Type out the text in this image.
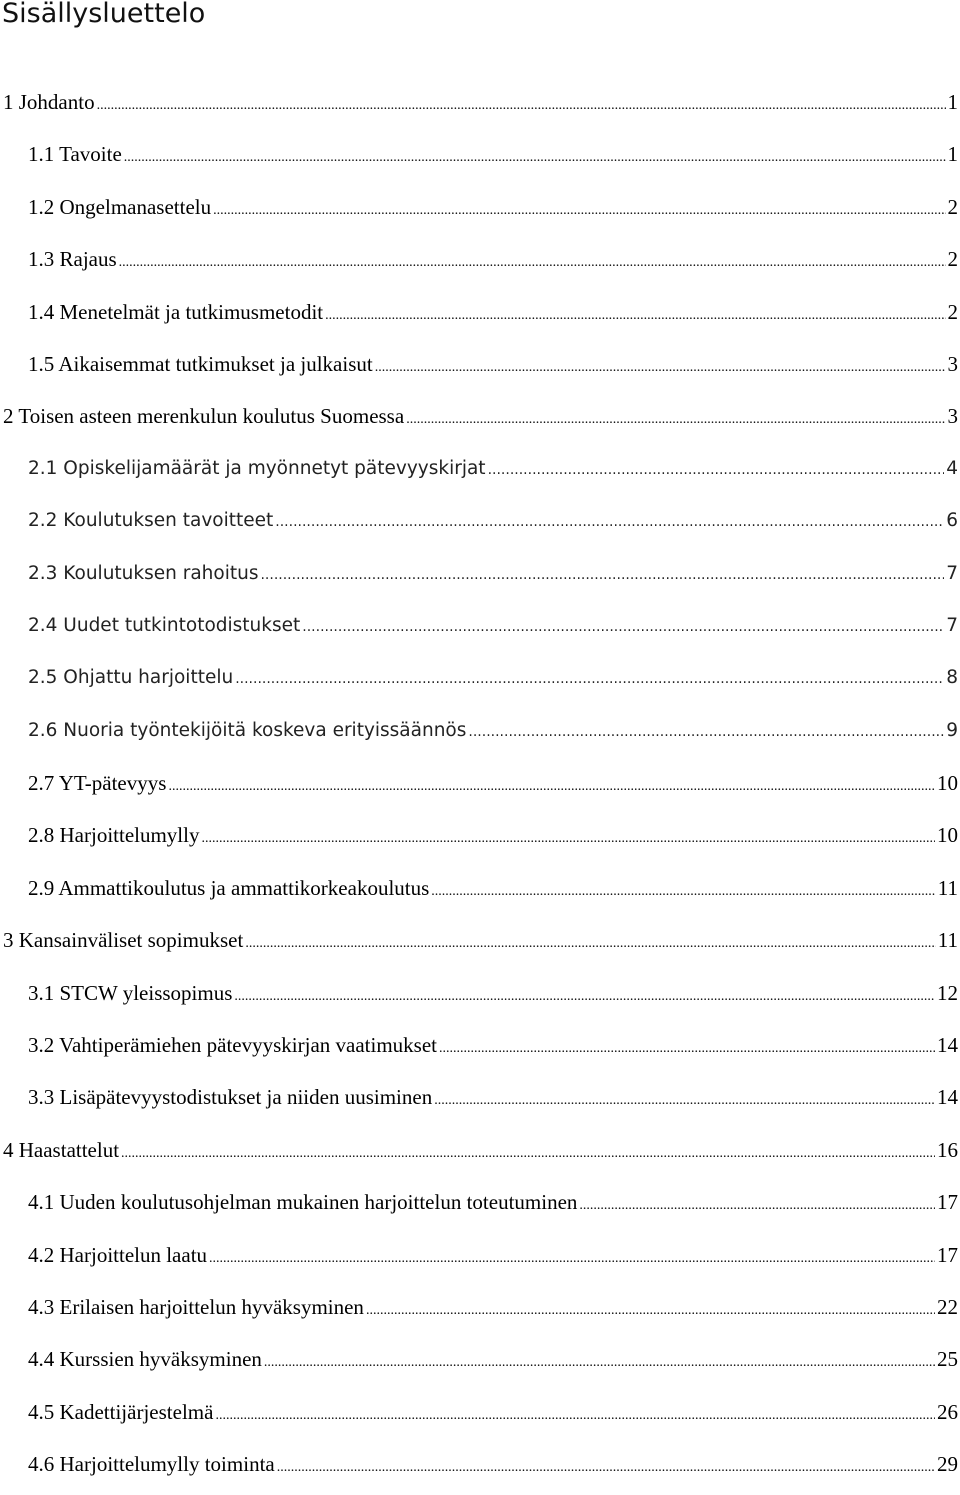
Sisällysluettelo
1 Johdanto .....	1
1.1 Tavoite .....	1
1.2 Ongelmanasettelu .....	2
1.3 Rajaus .....	2
1.4 Menetelmät ja tutkimusmetodit .....	2
1.5 Aikaisemmat tutkimukset ja julkaisut .....	3
2 Toisen asteen merenkulun koulutus Suomessa .....	3
2.1 Opiskelijamäärät ja myönnetyt pätevyyskirjat .....	4
2.2 Koulutuksen tavoitteet .....	6
2.3 Koulutuksen rahoitus .....	7
2.4 Uudet tutkintotodistukset .....	7
2.5 Ohjattu harjoittelu .....	8
2.6 Nuoria työntekijöitä koskeva erityissäännös .....	9
2.7 YT-pätevyys .....	10
2.8 Harjoittelumylly .....	10
2.9 Ammattikoulutus ja ammattikorkeakoulutus .....	11
3 Kansainväliset sopimukset .....	11
3.1 STCW yleissopimus .....	12
3.2 Vahtiperämiehen pätevyyskirjan vaatimukset .....	14
3.3 Lisäpätevyystodistukset ja niiden uusiminen .....	14
4 Haastattelut .....	16
4.1 Uuden koulutusohjelman mukainen harjoittelun toteutuminen .....	17
4.2 Harjoittelun laatu .....	17
4.3 Erilaisen harjoittelun hyväksyminen .....	22
4.4 Kurssien hyväksyminen .....	25
4.5 Kadettijärjestelmä .....	26
4.6 Harjoittelumylly toiminta .....	29
